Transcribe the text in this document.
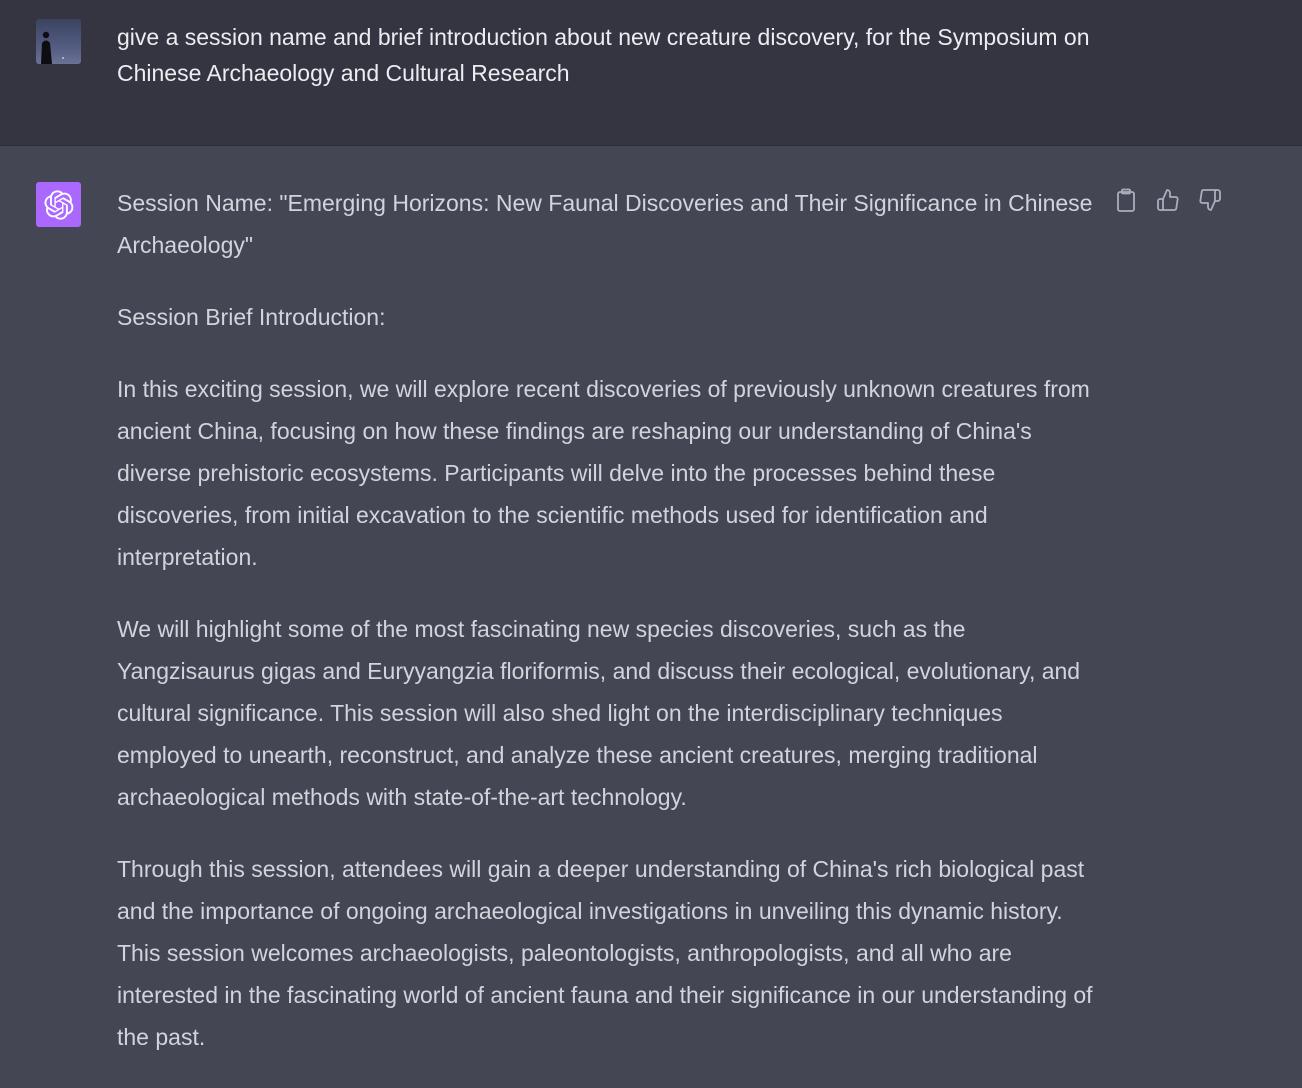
give a session name and brief introduction about new creature discovery, for the Symposium on Chinese Archaeology and Cultural Research

Session Name: "Emerging Horizons: New Faunal Discoveries and Their Significance in Chinese Archaeology"

Session Brief Introduction:

In this exciting session, we will explore recent discoveries of previously unknown creatures from ancient China, focusing on how these findings are reshaping our understanding of China's diverse prehistoric ecosystems. Participants will delve into the processes behind these discoveries, from initial excavation to the scientific methods used for identification and interpretation.

We will highlight some of the most fascinating new species discoveries, such as the Yangzisaurus gigas and Euryyangzia floriformis, and discuss their ecological, evolutionary, and cultural significance. This session will also shed light on the interdisciplinary techniques employed to unearth, reconstruct, and analyze these ancient creatures, merging traditional archaeological methods with state-of-the-art technology.

Through this session, attendees will gain a deeper understanding of China's rich biological past and the importance of ongoing archaeological investigations in unveiling this dynamic history. This session welcomes archaeologists, paleontologists, anthropologists, and all who are interested in the fascinating world of ancient fauna and their significance in our understanding of the past.
